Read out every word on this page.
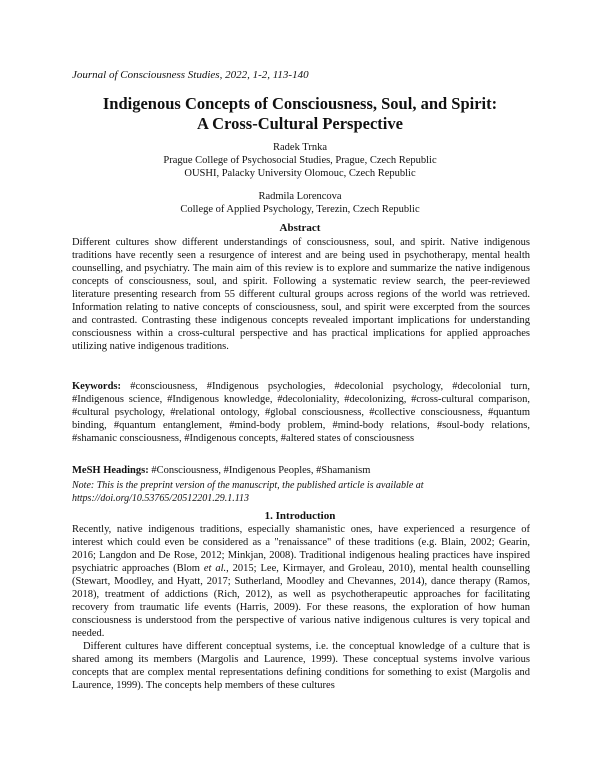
Journal of Consciousness Studies, 2022, 1-2, 113-140
Indigenous Concepts of Consciousness, Soul, and Spirit:
A Cross-Cultural Perspective
Radek Trnka
Prague College of Psychosocial Studies, Prague, Czech Republic
OUSHI, Palacky University Olomouc, Czech Republic
Radmila Lorencova
College of Applied Psychology, Terezin, Czech Republic
Abstract
Different cultures show different understandings of consciousness, soul, and spirit. Native indigenous traditions have recently seen a resurgence of interest and are being used in psychotherapy, mental health counselling, and psychiatry. The main aim of this review is to explore and summarize the native indigenous concepts of consciousness, soul, and spirit. Following a systematic review search, the peer-reviewed literature presenting research from 55 different cultural groups across regions of the world was retrieved. Information relating to native concepts of consciousness, soul, and spirit were excerpted from the sources and contrasted. Contrasting these indigenous concepts revealed important implications for understanding consciousness within a cross-cultural perspective and has practical implications for applied approaches utilizing native indigenous traditions.
Keywords: #consciousness, #Indigenous psychologies, #decolonial psychology, #decolonial turn, #Indigenous science, #Indigenous knowledge, #decoloniality, #decolonizing, #cross-cultural comparison, #cultural psychology, #relational ontology, #global consciousness, #collective consciousness, #quantum binding, #quantum entanglement, #mind-body problem, #mind-body relations, #soul-body relations, #shamanic consciousness, #Indigenous concepts, #altered states of consciousness
MeSH Headings: #Consciousness, #Indigenous Peoples, #Shamanism
Note: This is the preprint version of the manuscript, the published article is available at
https://doi.org/10.53765/20512201.29.1.113
1. Introduction
Recently, native indigenous traditions, especially shamanistic ones, have experienced a resurgence of interest which could even be considered as a "renaissance" of these traditions (e.g. Blain, 2002; Gearin, 2016; Langdon and De Rose, 2012; Minkjan, 2008). Traditional indigenous healing practices have inspired psychiatric approaches (Blom et al., 2015; Lee, Kirmayer, and Groleau, 2010), mental health counselling (Stewart, Moodley, and Hyatt, 2017; Sutherland, Moodley and Chevannes, 2014), dance therapy (Ramos, 2018), treatment of addictions (Rich, 2012), as well as psychotherapeutic approaches for facilitating recovery from traumatic life events (Harris, 2009). For these reasons, the exploration of how human consciousness is understood from the perspective of various native indigenous cultures is very topical and needed.
Different cultures have different conceptual systems, i.e. the conceptual knowledge of a culture that is shared among its members (Margolis and Laurence, 1999). These conceptual systems involve various concepts that are complex mental representations defining conditions for something to exist (Margolis and Laurence, 1999). The concepts help members of these cultures
